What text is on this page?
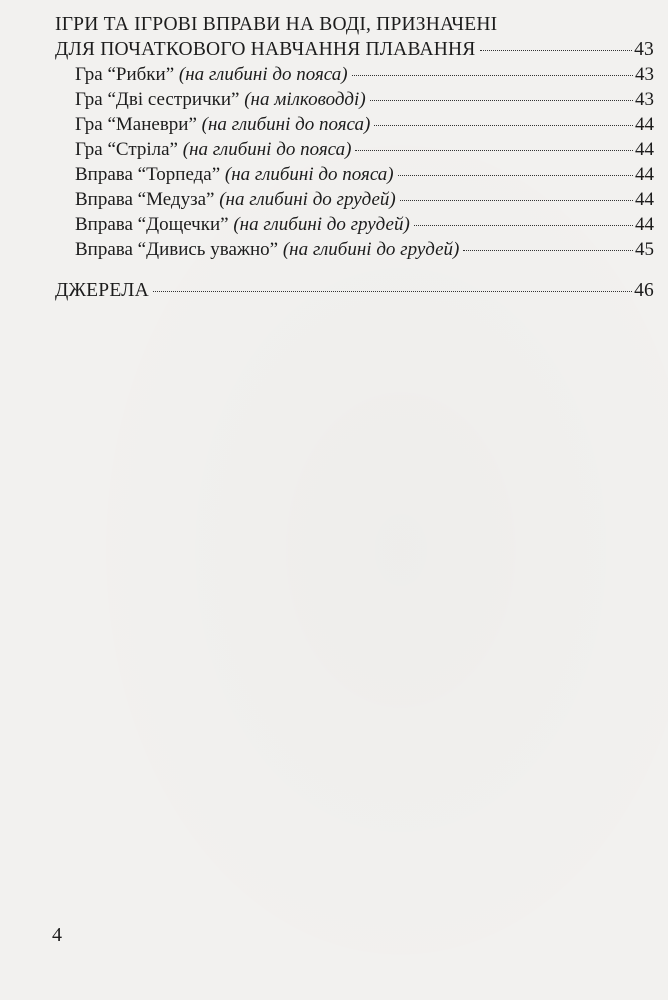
ІГРИ ТА ІГРОВІ ВПРАВИ НА ВОДІ, ПРИЗНАЧЕНІ
ДЛЯ ПОЧАТКОВОГО НАВЧАННЯ ПЛАВАННЯ	43
Гра “Рибки” (на глибині до пояса)	43
Гра “Дві сестрички” (на мілководді)	43
Гра “Маневри” (на глибині до пояса)	44
Гра “Стріла” (на глибині до пояса)	44
Вправа “Торпеда” (на глибині до пояса)	44
Вправа “Медуза” (на глибині до грудей)	44
Вправа “Дощечки” (на глибині до грудей)	44
Вправа “Дивись уважно” (на глибині до грудей)	45
ДЖЕРЕЛА	46
4
